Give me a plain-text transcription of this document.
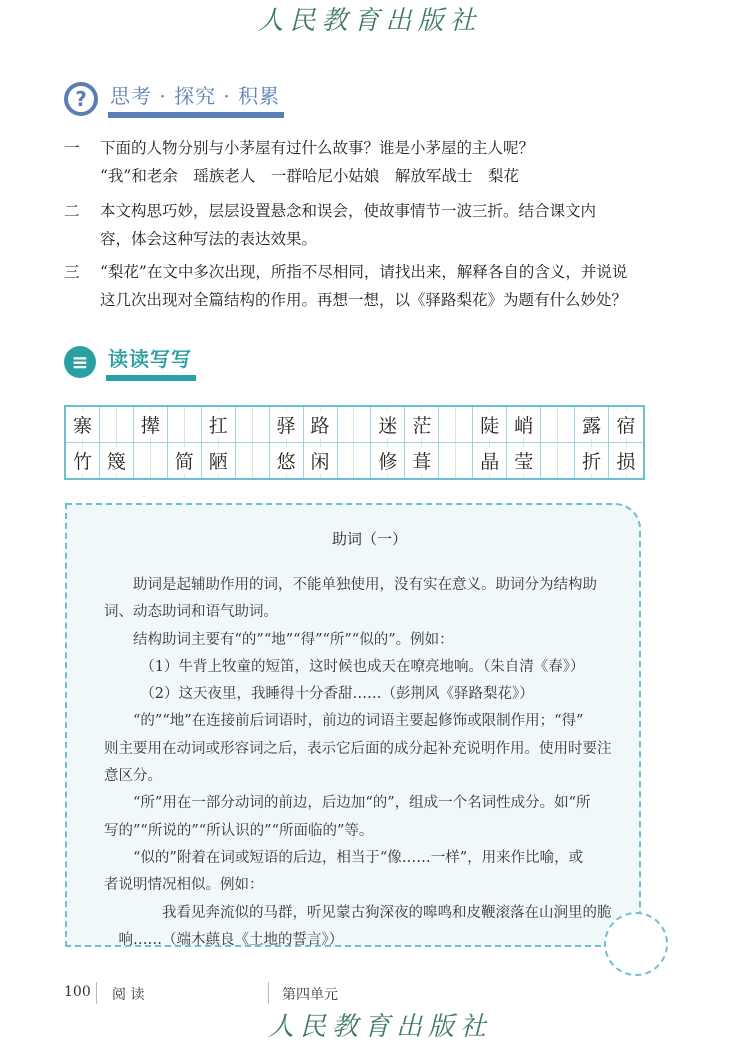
人民教育出版社
?	思考 · 探究 · 积累
一	下面的人物分别与小茅屋有过什么故事？谁是小茅屋的主人呢？
“我”和老余　瑶族老人　一群哈尼小姑娘　解放军战士　梨花
二	本文构思巧妙，层层设置悬念和误会，使故事情节一波三折。结合课文内
容，体会这种写法的表达效果。
三	“梨花”在文中多次出现，所指不尽相同，请找出来，解释各自的含义，并说说
这几次出现对全篇结构的作用。再想一想，以《驿路梨花》为题有什么妙处？
≡ 读读写写
寨	撵	扛	驿 路	迷 茫	陡 峭	露 宿
竹 篾	简 陋	悠 闲	修 葺	晶 莹	折 损
助词（一）
　　助词是起辅助作用的词，不能单独使用，没有实在意义。助词分为结构助
词、动态助词和语气助词。
　　结构助词主要有“的”“地”“得”“所”“似的”。例如：
　　　（1）牛背上牧童的短笛，这时候也成天在嘹亮地响。（朱自清《春》）
　　　（2）这天夜里，我睡得十分香甜……（彭荆风《驿路梨花》）
　　“的”“地”在连接前后词语时，前边的词语主要起修饰或限制作用；“得”
则主要用在动词或形容词之后，表示它后面的成分起补充说明作用。使用时要注
意区分。
　　“所”用在一部分动词的前边，后边加“的”，组成一个名词性成分。如“所
写的”“所说的”“所认识的”“所面临的”等。
　　“似的”附着在词或短语的后边，相当于“像……一样”，用来作比喻，或
者说明情况相似。例如：
　　　　我看见奔流似的马群，听见蒙古狗深夜的嗥鸣和皮鞭滚落在山涧里的脆
　响……（端木蕻良《土地的誓言》）
100 阅 读	第四单元
人民教育出版社
